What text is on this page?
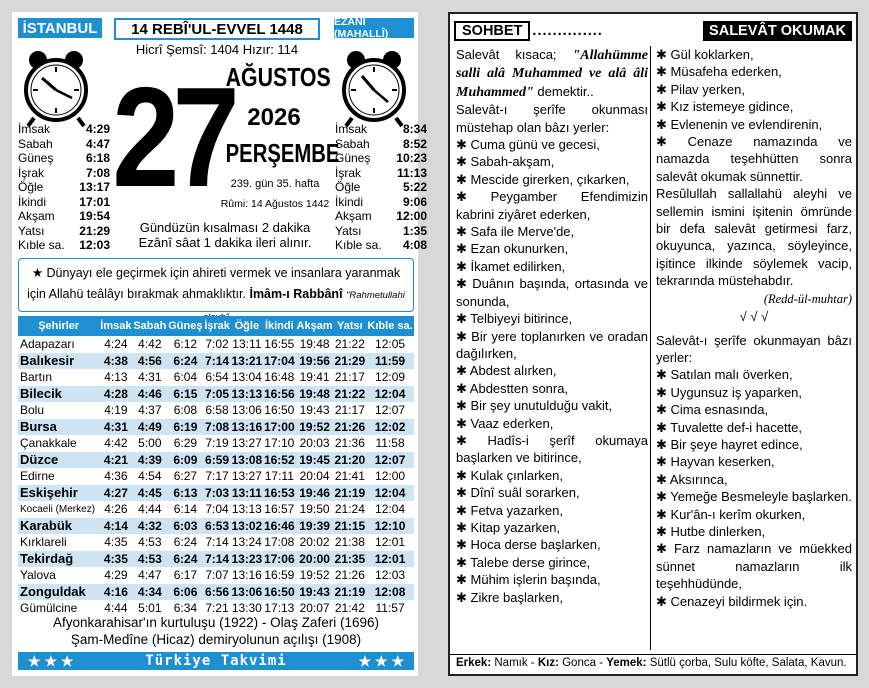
İSTANBUL	14 REBÎ'UL-EVVEL 1448	EZÂNÎ (MAHALLÎ)
Hicrî Şemsî: 1404 Hızır: 114
27
AĞUSTOS
2026
PERŞEMBE
239. gün 35. hafta
Rûmi: 14 Ağustos 1442
İmsak	4:29
Sabah	4:47
Güneş	6:18
İşrak	7:08
Öğle	13:17
İkindi	17:01
Akşam 19:54
Yatsı	21:29
Kıble sa. 12:03
İmsak	8:34
Sabah	8:52
Güneş 10:23
İşrak	11:13
Öğle	5:22
İkindi	9:06
Akşam 12:00
Yatsı	1:35
Kıble sa. 4:08
Gündüzün kısalması 2 dakika
Ezânî sâat 1 dakika ileri alınır.
★ Dünyayı ele geçirmek için ahireti vermek ve insanlara yaranmak için Allahü teâlâyı bırakmak ahmaklıktır. İmâm-ı Rabbânî "Rahmetullahi
Şehirler	İmsak	Sabah	Güneş	İşrak	Öğle	İkindi	Akşam	Yatsı	Kıble sa.
Adapazarı	4:24	4:42	6:12	7:02	13:11	16:55	19:48	21:22	12:05
Balıkesir	4:38	4:56	6:24	7:14	13:21	17:04	19:56	21:29	11:59
Bartın	4:13	4:31	6:04	6:54	13:04	16:48	19:41	21:17	12:09
Bilecik	4:28	4:46	6:15	7:05	13:13	16:56	19:48	21:22	12:04
Bolu	4:19	4:37	6:08	6:58	13:06	16:50	19:43	21:17	12:07
Bursa	4:31	4:49	6:19	7:08	13:16	17:00	19:52	21:26	12:02
Çanakkale	4:42	5:00	6:29	7:19	13:27	17:10	20:03	21:36	11:58
Düzce	4:21	4:39	6:09	6:59	13:08	16:52	19:45	21:20	12:07
Edirne	4:36	4:54	6:27	7:17	13:27	17:11	20:04	21:41	12:00
Eskişehir	4:27	4:45	6:13	7:03	13:11	16:53	19:46	21:19	12:04
Kocaeli (Merkez)	4:26	4:44	6:14	7:04	13:13	16:57	19:50	21:24	12:04
Karabük	4:14	4:32	6:03	6:53	13:02	16:46	19:39	21:15	12:10
Kırklareli	4:35	4:53	6:24	7:14	13:24	17:08	20:02	21:38	12:01
Tekirdağ	4:35	4:53	6:24	7:14	13:23	17:06	20:00	21:35	12:01
Yalova	4:29	4:47	6:17	7:07	13:16	16:59	19:52	21:26	12:03
Zonguldak	4:16	4:34	6:06	6:56	13:06	16:50	19:43	21:19	12:08
Gümülcine	4:44	5:01	6:34	7:21	13:30	17:13	20:07	21:42	11:57
Afyonkarahisar'ın kurtuluşu (1922) - Olaş Zaferi (1696)
Şam-Medîne (Hicaz) demiryolunun açılışı (1908)
★ ★ ★	Türkiye Takvimi	★ ★ ★
SOHBET ..............	SALEVÂT OKUMAK

Salevât kısaca; "Allahümme salli alâ Muhammed ve alâ âli Muhammed" demektir..

Salevât-ı şerîfe okunması müstehap olan bâzı yerler:

✱ Cuma günü ve gecesi,

✱ Sabah-akşam,

✱ Mescide girerken, çıkarken,

✱ Peygamber Efendimizin kabrini ziyâret ederken,

✱ Safa ile Merve'de,

✱ Ezan okunurken,

✱ İkamet edilirken,

✱ Duânın başında, ortasında ve sonunda,

✱ Telbiyeyi bitirince,

✱ Bir yere toplanırken ve oradan dağılırken,

✱ Abdest alırken,

✱ Abdestten sonra,

✱ Bir şey unutulduğu vakit,

✱ Vaaz ederken,

✱ Hadîs-i şerîf okumaya başlarken ve bitirince,

✱ Kulak çınlarken,

✱ Dînî suâl sorarken,

✱ Fetva yazarken,

✱ Kitap yazarken,

✱ Hoca derse başlarken,

✱ Talebe derse girince,

✱ Mühim işlerin başında,

✱ Zikre başlarken,

✱ Gül koklarken,

✱ Müsafeha ederken,

✱ Pilav yerken,

✱ Kız istemeye gidince,

✱ Evlenenin ve evlendirenin,

✱ Cenaze namazında ve namazda teşehhütten sonra salevât okumak sünnettir.

Resûlullah sallallahü aleyhi ve sellemin ismini işitenin ömründe bir defa salevât getirmesi farz, okuyunca, yazınca, söyleyince, işitince ilkinde söylemek vacip, tekrarında müstehabdır.

(Redd-ül-muhtar)

√ √ √

Salevât-ı şerîfe okunmayan bâzı yerler:

✱ Satılan malı överken,

✱ Uygunsuz iş yaparken,

✱ Cima esnasında,

✱ Tuvalette def-i hacette,

✱ Bir şeye hayret edince,

✱ Hayvan keserken,

✱ Aksırınca,

✱ Yemeğe Besmeleyle başlarken.

✱ Kur'ân-ı kerîm okurken,

✱ Hutbe dinlerken,

✱ Farz namazların ve müekked sünnet namazların ilk teşehhüdünde,

✱ Cenazeyi bildirmek için.

Erkek: Namık - Kız: Gonca - Yemek: Sütlü çorba, Sulu köfte, Salata, Kavun.
